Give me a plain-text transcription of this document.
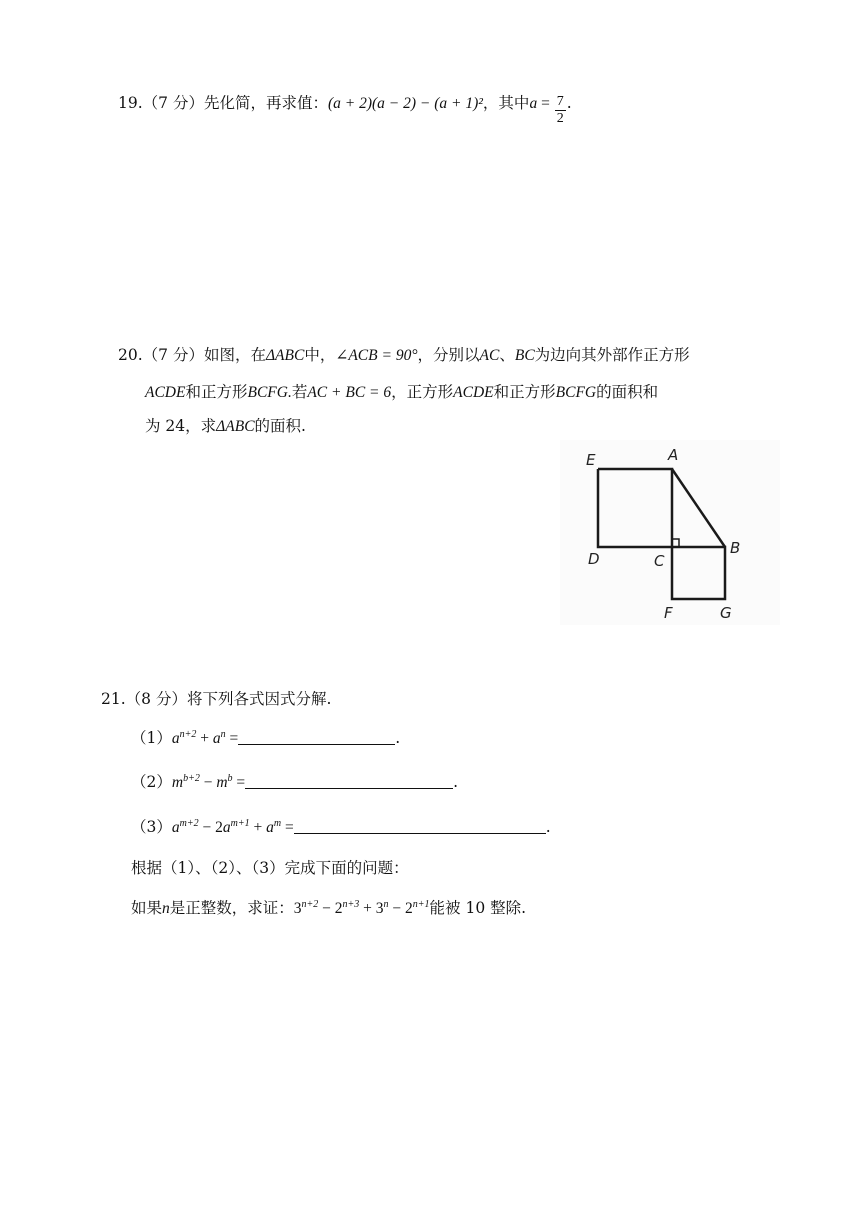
19.（7 分）先化简，再求值：(a + 2)(a − 2) − (a + 1)²，其中$a = \frac{7}{2}$ .
20.（7 分）如图，在ΔABC中，∠ACB = 90°，分别以AC、BC为边向其外部作正方形
ACDE和正方形BCFG.若AC + BC = 6，正方形ACDE和正方形BCFG的面积和
为 24，求ΔABC的面积.
E	A
D	C
B
F	G
21.（8 分）将下列各式因式分解.
$(1)a^{n+2} + a^n$ =	.
$(2)m^{b+2} - m^b$ =	.
$(3)a^{m+2} - 2a^{m+1} + a^m$ =	.
根据（1）、（2）、（3）完成下面的问题：
如果n是正整数，求证：$3^{n+2} - 2^{n+3} + 3^n - 2^{n+1}$能被 10 整除.
